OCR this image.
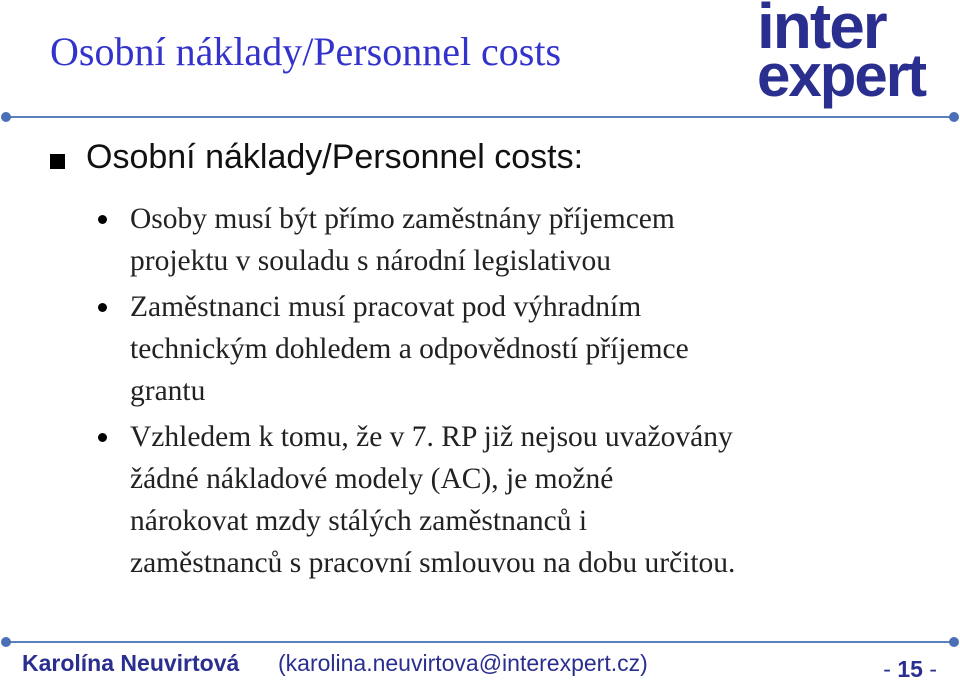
Osobní náklady/Personnel costs	inter
expert
Osobní náklady/Personnel costs:
Osoby musí být přímo zaměstnány příjemcem
projektu v souladu s národní legislativou
Zaměstnanci musí pracovat pod výhradním
technickým dohledem a odpovědností příjemce
grantu
Vzhledem k tomu, že v 7. RP již nejsou uvažovány
žádné nákladové modely (AC), je možné
nárokovat mzdy stálých zaměstnanců i
zaměstnanců s pracovní smlouvou na dobu určitou.
Karolína Neuvirtová (karolina.neuvirtova@interexpert.cz)	- 15 -
